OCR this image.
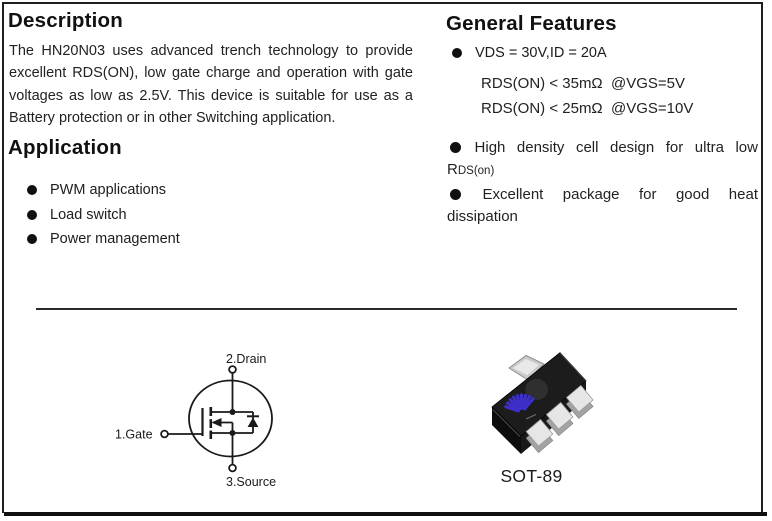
Description
The HN20N03 uses advanced trench technology to provide
excellent RDS(ON), low gate charge and operation with gate
voltages as low as 2.5V. This device is suitable for use as a
Battery protection or in other Switching application.
Application
PWM applications
Load switch
Power management
General Features
VDS = 30V,ID = 20A
RDS(ON) < 35mΩ  @VGS=5V
RDS(ON) < 25mΩ  @VGS=10V
High density cell design for ultra low
RDS(on)
Excellent package for good heat
dissipation
2.Drain
1.Gate
3.Source	SOT-89
